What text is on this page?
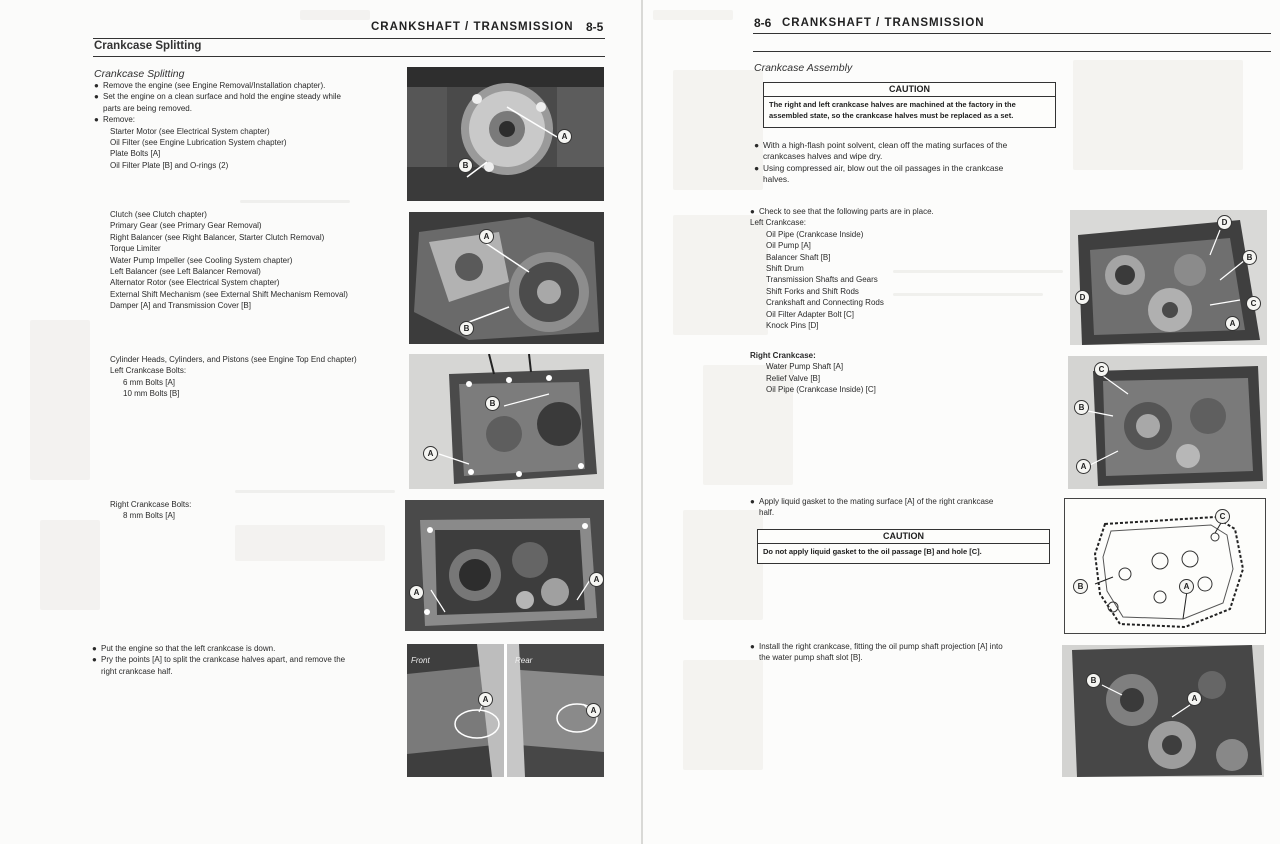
CRANKSHAFT / TRANSMISSION 8-5
Crankcase Splitting
Crankcase Splitting
● Remove the engine (see Engine Removal/Installation chapter).
● Set the engine on a clean surface and hold the engine steady while
parts are being removed.
● Remove:
Starter Motor (see Electrical System chapter)
Oil Filter (see Engine Lubrication System chapter)
Plate Bolts [A]
Oil Filter Plate [B] and O-rings (2)
A
B
Clutch (see Clutch chapter)
Primary Gear (see Primary Gear Removal)
Right Balancer (see Right Balancer, Starter Clutch Removal)
Torque Limiter
Water Pump Impeller (see Cooling System chapter)
Left Balancer (see Left Balancer Removal)
Alternator Rotor (see Electrical System chapter)
External Shift Mechanism (see External Shift Mechanism Removal)
Damper [A] and Transmission Cover [B]
A
B
Cylinder Heads, Cylinders, and Pistons (see Engine Top End chapter)
Left Crankcase Bolts:
6 mm Bolts [A]
10 mm Bolts [B]
B
A
Right Crankcase Bolts:
8 mm Bolts [A]
A
A
● Put the engine so that the left crankcase is down.
● Pry the points [A] to split the crankcase halves apart, and remove the
right crankcase half.
Front	Rear
A
A
8-6 CRANKSHAFT / TRANSMISSION
Crankcase Assembly
CAUTION
The right and left crankcase halves are machined at the factory in the assembled state, so the crankcase halves must be replaced as a set.
● With a high-flash point solvent, clean off the mating surfaces of the
crankcases halves and wipe dry.
● Using compressed air, blow out the oil passages in the crankcase
halves.
● Check to see that the following parts are in place.
Left Crankcase:
Oil Pipe (Crankcase Inside)
Oil Pump [A]
Balancer Shaft [B]
Shift Drum
Transmission Shafts and Gears
Shift Forks and Shift Rods
Crankshaft and Connecting Rods
Oil Filter Adapter Bolt [C]
Knock Pins [D]
Right Crankcase:
Water Pump Shaft [A]
Relief Valve [B]
Oil Pipe (Crankcase Inside) [C]
D
B
D
C
A
C
B
A
● Apply liquid gasket to the mating surface [A] of the right crankcase
half.
CAUTION
Do not apply liquid gasket to the oil passage [B] and hole [C].
C
B	A
● Install the right crankcase, fitting the oil pump shaft projection [A] into
the water pump shaft slot [B].
B
A
